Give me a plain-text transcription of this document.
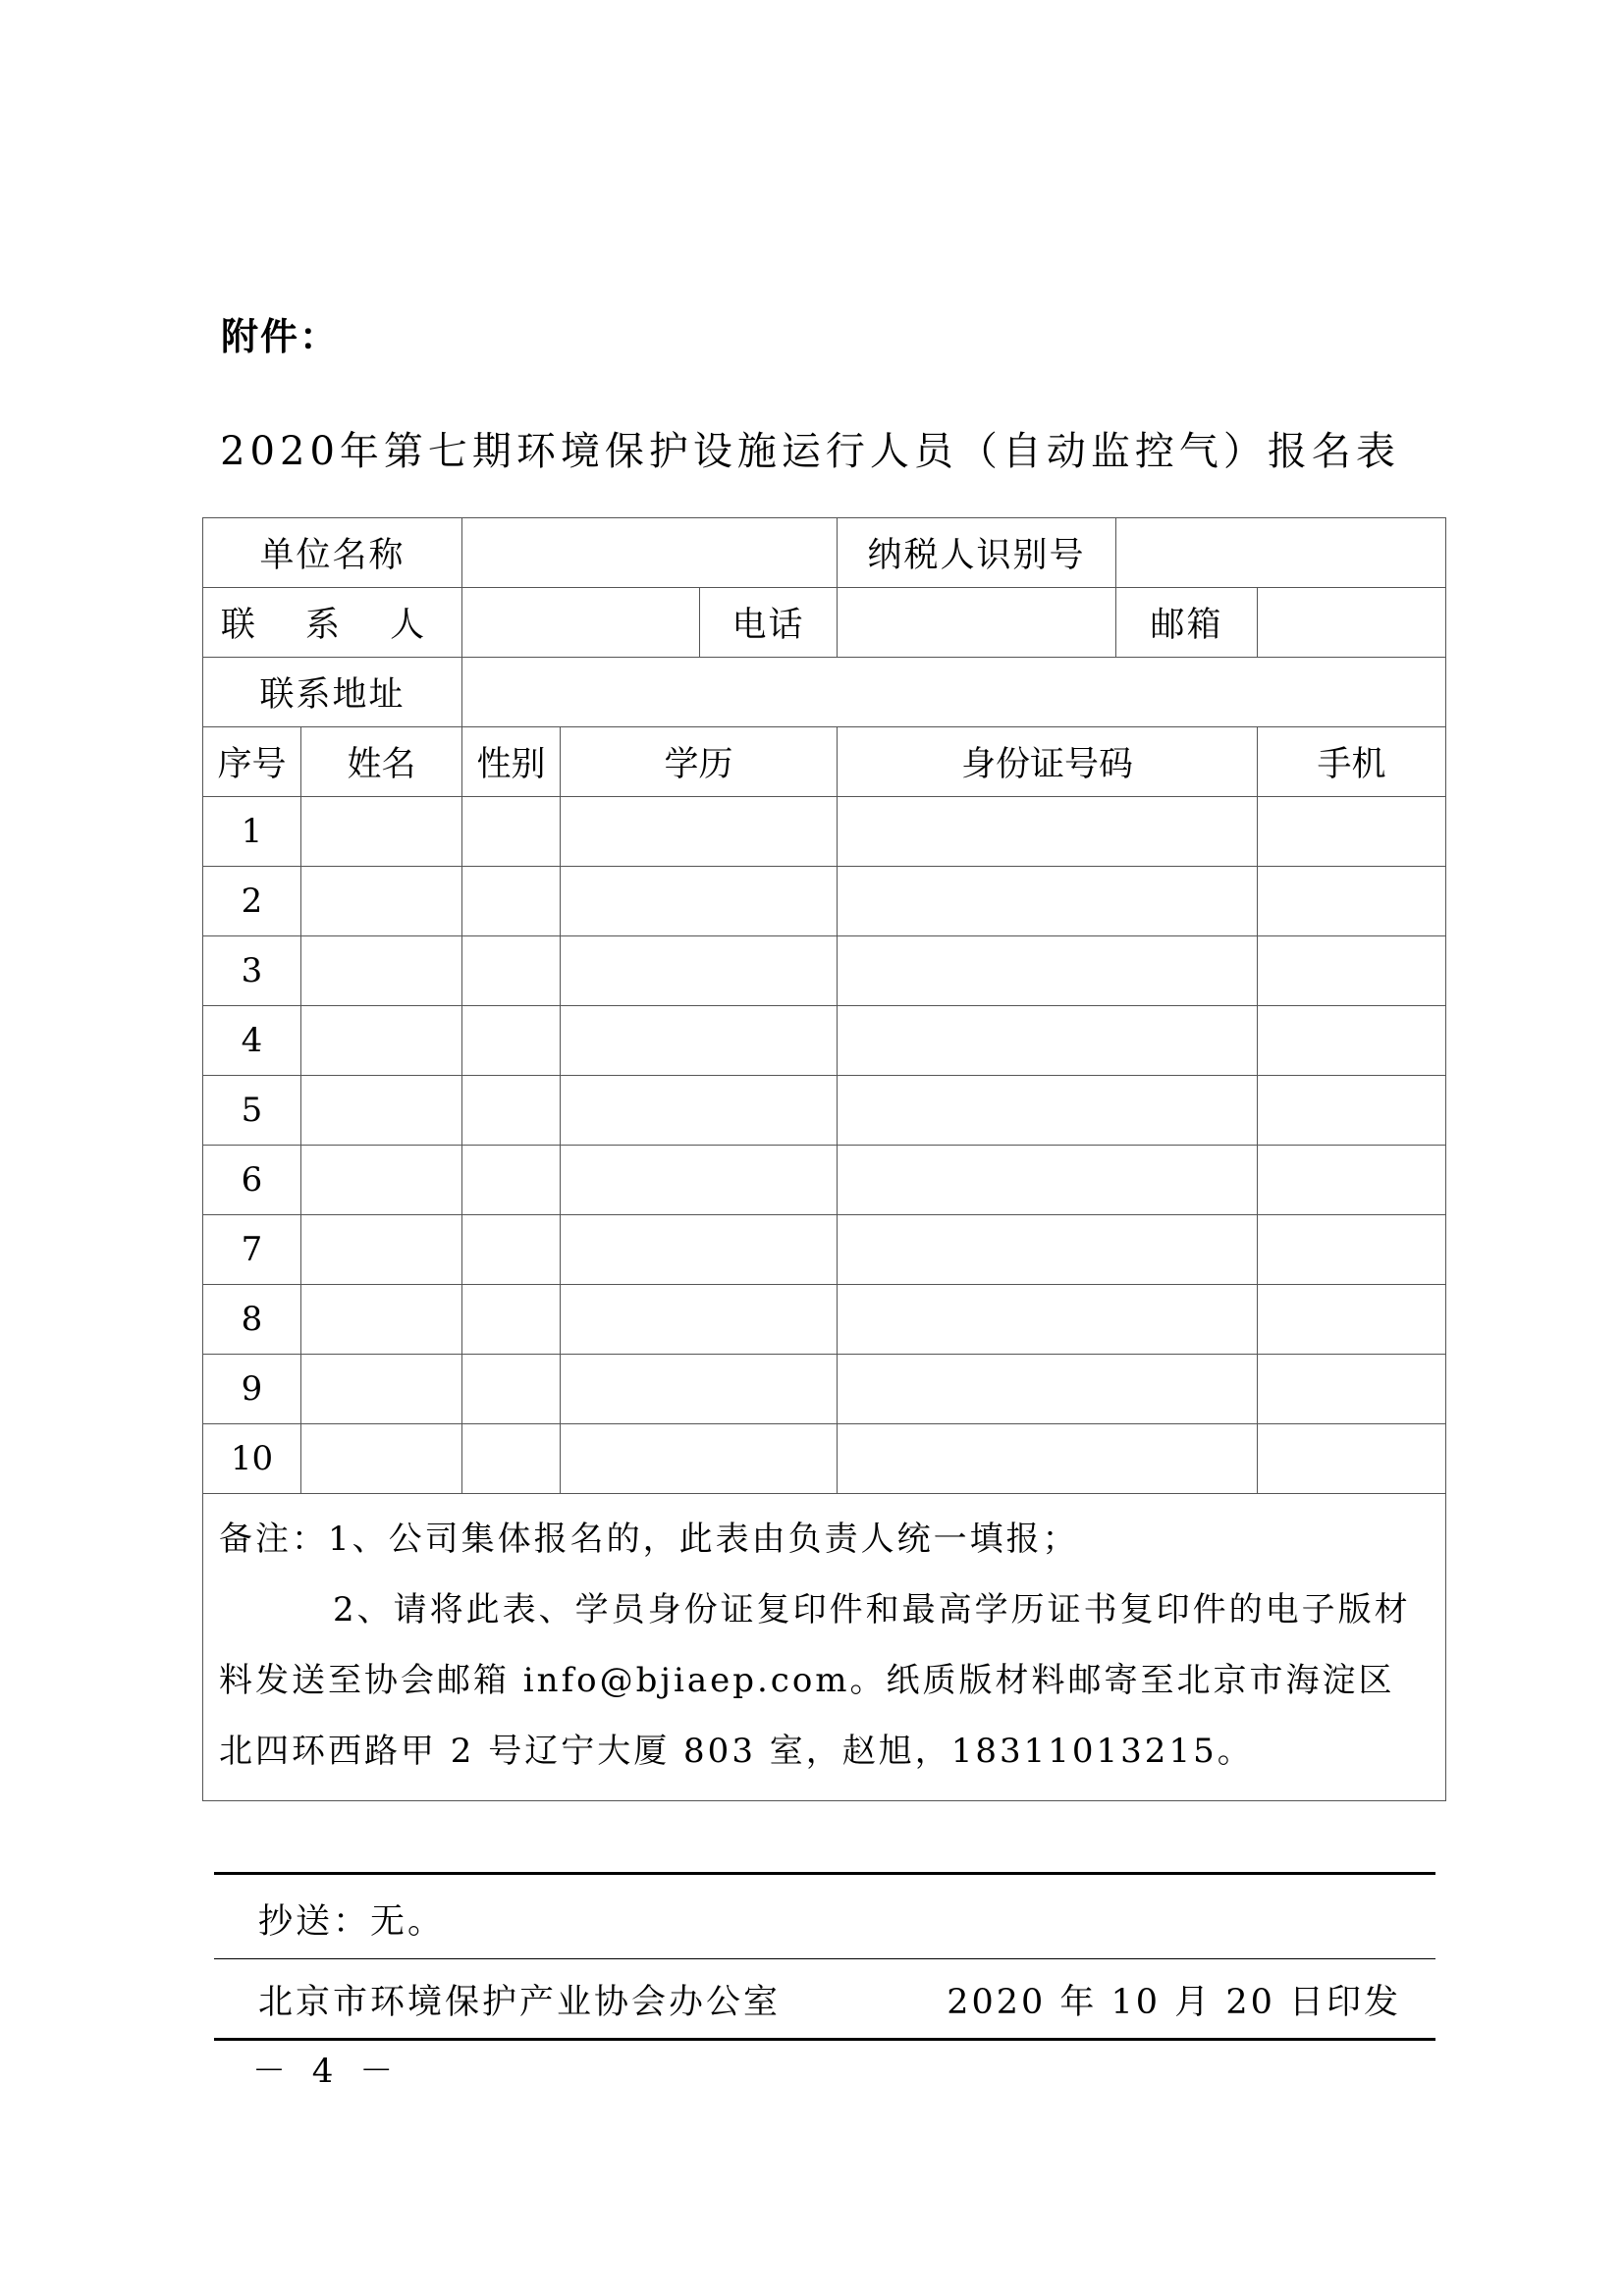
附件：
2020年第七期环境保护设施运行人员（自动监控气）报名表
单位名称					纳税人识别号		
联 系 人				电话		邮箱	
联系地址							
序号	姓名	性别	学历		身份证号码		手机
1							
2							
3							
4							
5							
6							
7							
8							
9							
10							

备注：1、公司集体报名的，此表由负责人统一填报；
2、请将此表、学员身份证复印件和最高学历证书复印件的电子版材料发送至协会邮箱 info@bjiaep.com。纸质版材料邮寄至北京市海淀区北四环西路甲 2 号辽宁大厦 803 室，赵旭，18311013215。							
抄送：无。
北京市环境保护产业协会办公室	2020 年 10 月 20 日印发
－ 4 －
